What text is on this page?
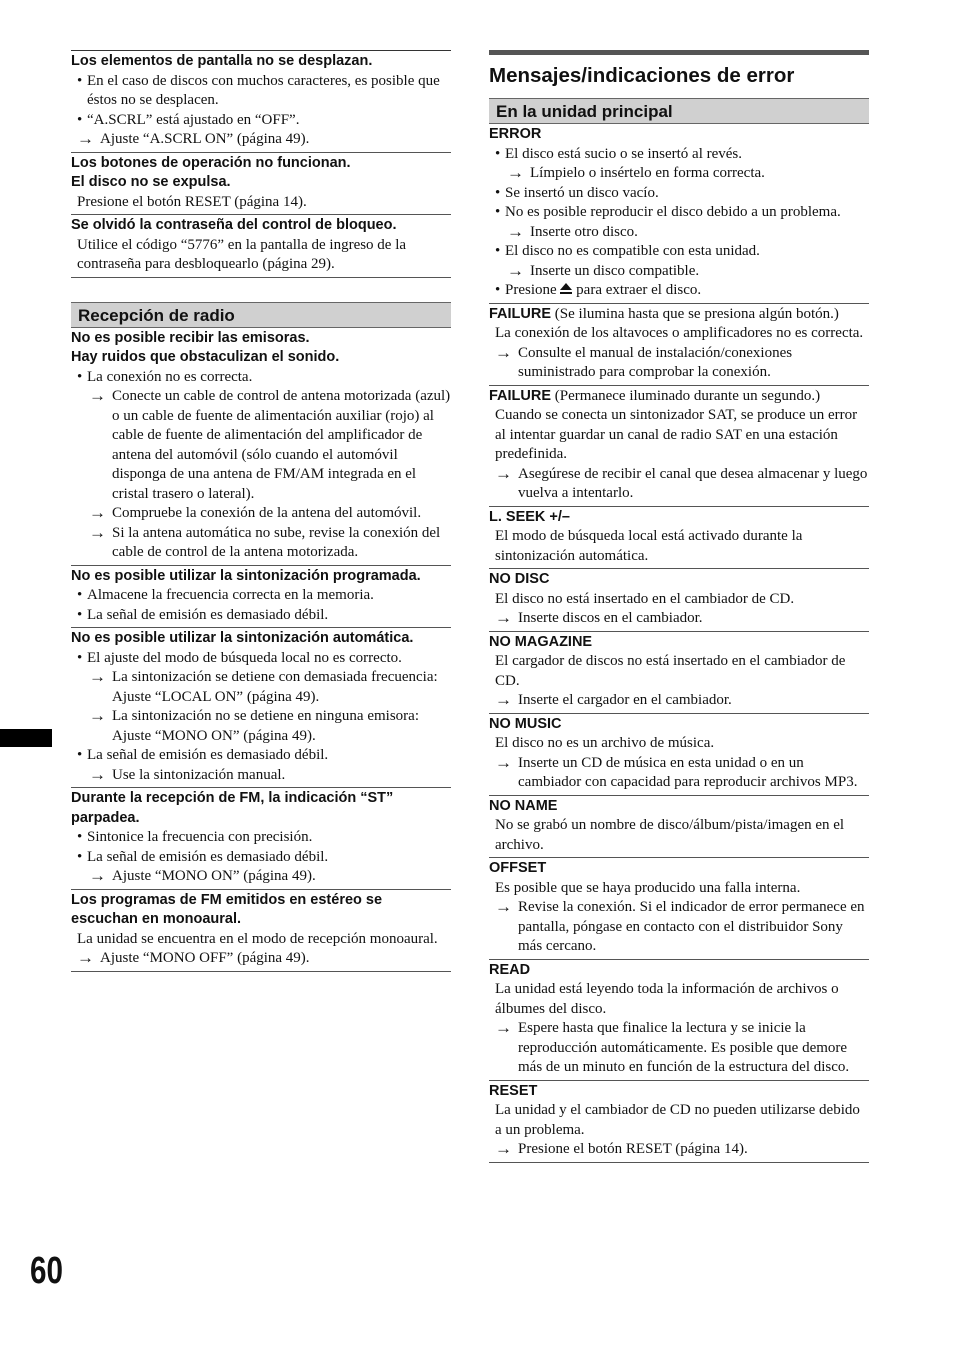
Los elementos de pantalla no se desplazan.
• En el caso de discos con muchos caracteres, es posible que éstos no se desplacen.
• “A.SCRL” está ajustado en “OFF”.
→ Ajuste “A.SCRL ON” (página 49).
Los botones de operación no funcionan.
El disco no se expulsa.
Presione el botón RESET (página 14).
Se olvidó la contraseña del control de bloqueo.
Utilice el código “5776” en la pantalla de ingreso de la contraseña para desbloquearlo (página 29).
Recepción de radio
No es posible recibir las emisoras.
Hay ruidos que obstaculizan el sonido.
• La conexión no es correcta.
→ Conecte un cable de control de antena motorizada (azul) o un cable de fuente de alimentación auxiliar (rojo) al cable de fuente de alimentación del amplificador de antena del automóvil (sólo cuando el automóvil disponga de una antena de FM/AM integrada en el cristal trasero o lateral).
→ Compruebe la conexión de la antena del automóvil.
→ Si la antena automática no sube, revise la conexión del cable de control de la antena motorizada.
No es posible utilizar la sintonización programada.
• Almacene la frecuencia correcta en la memoria.
• La señal de emisión es demasiado débil.
No es posible utilizar la sintonización automática.
• El ajuste del modo de búsqueda local no es correcto.
→ La sintonización se detiene con demasiada frecuencia:
Ajuste “LOCAL ON” (página 49).
→ La sintonización no se detiene en ninguna emisora:
Ajuste “MONO ON” (página 49).
• La señal de emisión es demasiado débil.
→ Use la sintonización manual.
Durante la recepción de FM, la indicación “ST” parpadea.
• Sintonice la frecuencia con precisión.
• La señal de emisión es demasiado débil.
→ Ajuste “MONO ON” (página 49).
Los programas de FM emitidos en estéreo se escuchan en monoaural.
La unidad se encuentra en el modo de recepción monoaural.
→ Ajuste “MONO OFF” (página 49).
Mensajes/indicaciones de error
En la unidad principal
ERROR
• El disco está sucio o se insertó al revés.
→ Límpielo o insértelo en forma correcta.
• Se insertó un disco vacío.
• No es posible reproducir el disco debido a un problema.
→ Inserte otro disco.
• El disco no es compatible con esta unidad.
→ Inserte un disco compatible.
• Presione  para extraer el disco.
FAILURE (Se ilumina hasta que se presiona algún botón.)
La conexión de los altavoces o amplificadores no es correcta.
→ Consulte el manual de instalación/conexiones suministrado para comprobar la conexión.
FAILURE (Permanece iluminado durante un segundo.)
Cuando se conecta un sintonizador SAT, se produce un error al intentar guardar un canal de radio SAT en una estación predefinida.
→ Asegúrese de recibir el canal que desea almacenar y luego vuelva a intentarlo.
L. SEEK +/–
El modo de búsqueda local está activado durante la sintonización automática.
NO DISC
El disco no está insertado en el cambiador de CD.
→ Inserte discos en el cambiador.
NO MAGAZINE
El cargador de discos no está insertado en el cambiador de CD.
→ Inserte el cargador en el cambiador.
NO MUSIC
El disco no es un archivo de música.
→ Inserte un CD de música en esta unidad o en un cambiador con capacidad para reproducir archivos MP3.
NO NAME
No se grabó un nombre de disco/álbum/pista/imagen en el archivo.
OFFSET
Es posible que se haya producido una falla interna.
→ Revise la conexión. Si el indicador de error permanece en pantalla, póngase en contacto con el distribuidor Sony más cercano.
READ
La unidad está leyendo toda la información de archivos o álbumes del disco.
→ Espere hasta que finalice la lectura y se inicie la reproducción automáticamente. Es posible que demore más de un minuto en función de la estructura del disco.
RESET
La unidad y el cambiador de CD no pueden utilizarse debido a un problema.
→ Presione el botón RESET (página 14).
60
